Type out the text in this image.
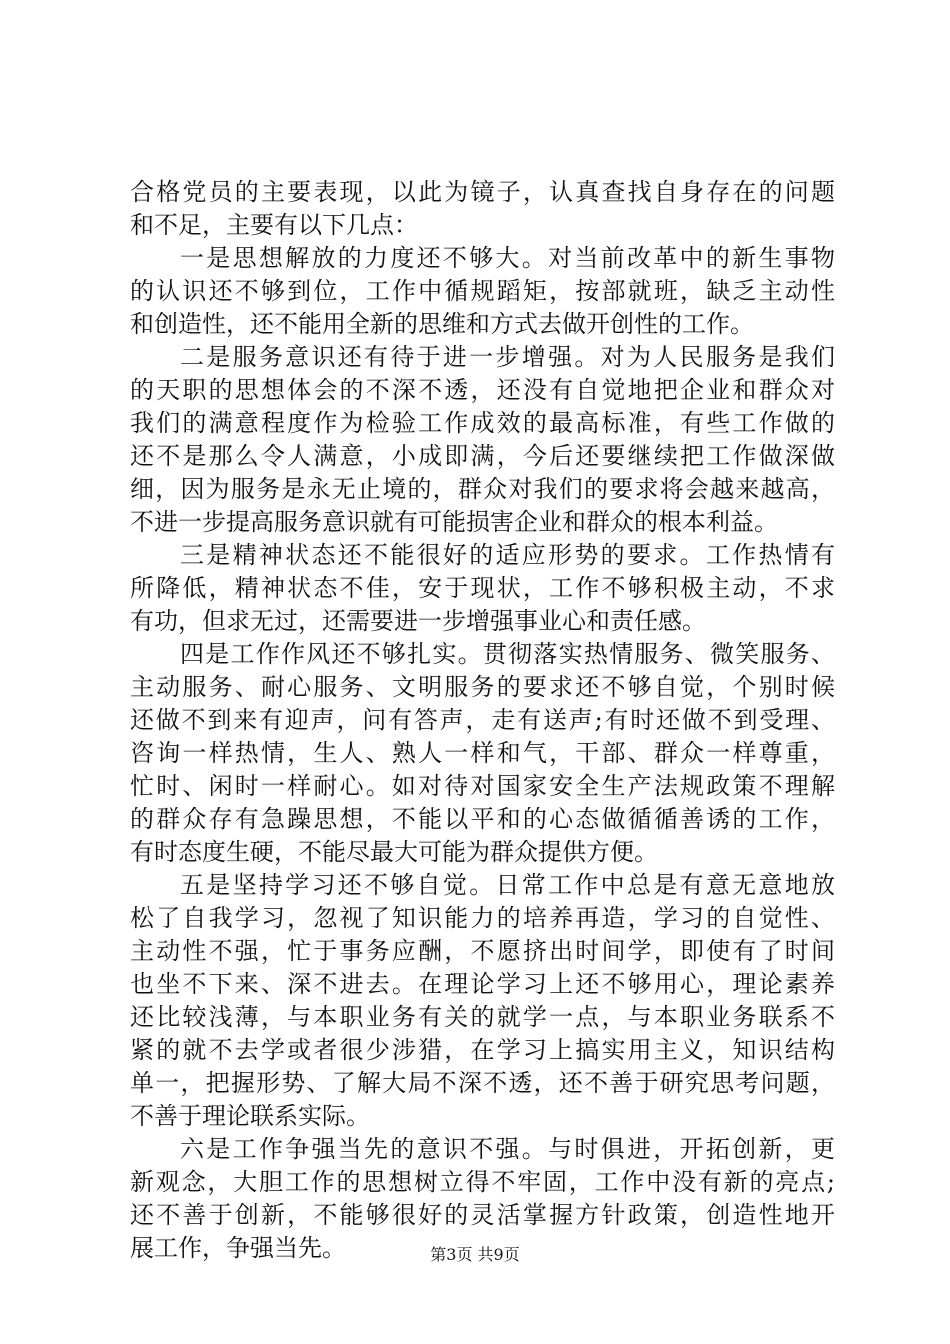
合格党员的主要表现，以此为镜子，认真查找自身存在的问题
和不足，主要有以下几点：
一是思想解放的力度还不够大。对当前改革中的新生事物
的认识还不够到位，工作中循规蹈矩，按部就班，缺乏主动性
和创造性，还不能用全新的思维和方式去做开创性的工作。
二是服务意识还有待于进一步增强。对为人民服务是我们
的天职的思想体会的不深不透，还没有自觉地把企业和群众对
我们的满意程度作为检验工作成效的最高标准，有些工作做的
还不是那么令人满意，小成即满，今后还要继续把工作做深做
细，因为服务是永无止境的，群众对我们的要求将会越来越高，
不进一步提高服务意识就有可能损害企业和群众的根本利益。
三是精神状态还不能很好的适应形势的要求。工作热情有
所降低，精神状态不佳，安于现状，工作不够积极主动，不求
有功，但求无过，还需要进一步增强事业心和责任感。
四是工作作风还不够扎实。贯彻落实热情服务、微笑服务、
主动服务、耐心服务、文明服务的要求还不够自觉，个别时候
还做不到来有迎声，问有答声，走有送声;有时还做不到受理、
咨询一样热情，生人、熟人一样和气，干部、群众一样尊重，
忙时、闲时一样耐心。如对待对国家安全生产法规政策不理解
的群众存有急躁思想，不能以平和的心态做循循善诱的工作，
有时态度生硬，不能尽最大可能为群众提供方便。
五是坚持学习还不够自觉。日常工作中总是有意无意地放
松了自我学习，忽视了知识能力的培养再造，学习的自觉性、
主动性不强，忙于事务应酬，不愿挤出时间学，即使有了时间
也坐不下来、深不进去。在理论学习上还不够用心，理论素养
还比较浅薄，与本职业务有关的就学一点，与本职业务联系不
紧的就不去学或者很少涉猎，在学习上搞实用主义，知识结构
单一，把握形势、了解大局不深不透，还不善于研究思考问题，
不善于理论联系实际。
六是工作争强当先的意识不强。与时俱进，开拓创新，更
新观念，大胆工作的思想树立得不牢固，工作中没有新的亮点;
还不善于创新，不能够很好的灵活掌握方针政策，创造性地开
展工作，争强当先。	第3页 共9页
